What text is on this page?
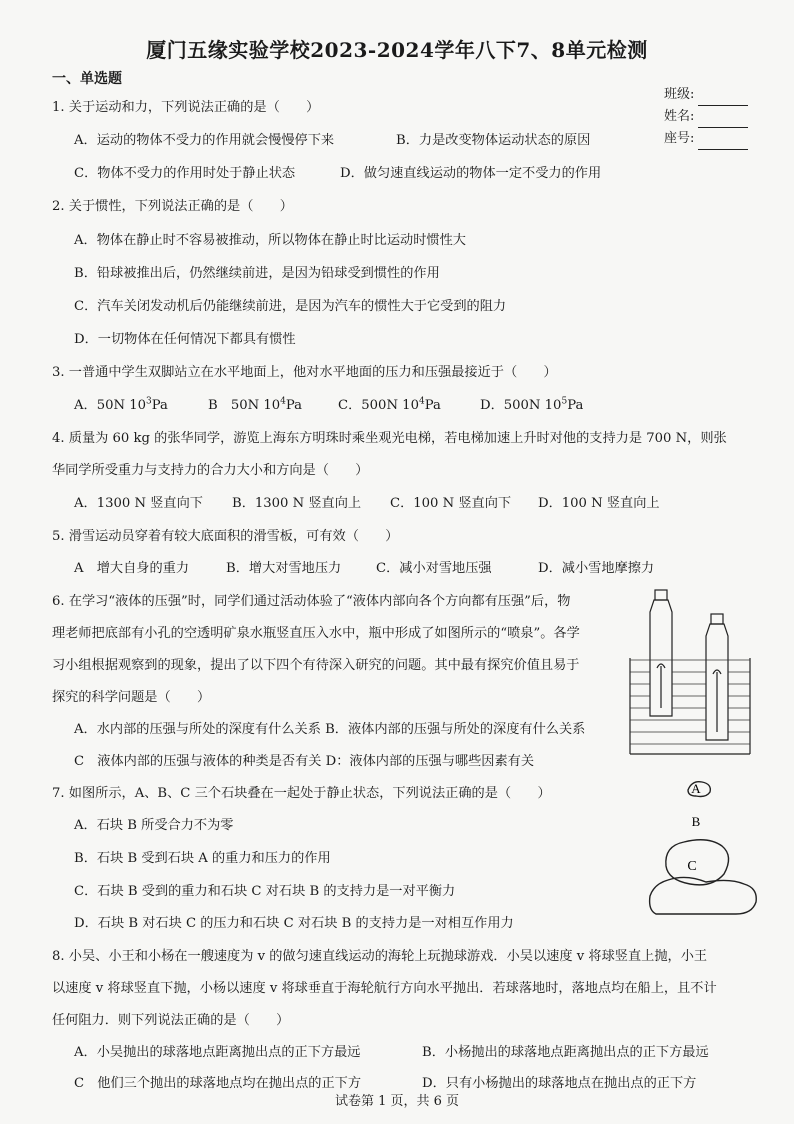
厦门五缘实验学校2023-2024学年八下7、8单元检测
一、单选题
班级:
姓名:
座号:
1. 关于运动和力，下列说法正确的是（　　）
A．运动的物体不受力的作用就会慢慢停下来	B．力是改变物体运动状态的原因
C．物体不受力的作用时处于静止状态	D．做匀速直线运动的物体一定不受力的作用
2. 关于惯性，下列说法正确的是（　　）
A．物体在静止时不容易被推动，所以物体在静止时比运动时惯性大
B．铅球被推出后，仍然继续前进，是因为铅球受到惯性的作用
C．汽车关闭发动机后仍能继续前进，是因为汽车的惯性大于它受到的阻力
D．一切物体在任何情况下都具有惯性
3. 一普通中学生双脚站立在水平地面上，他对水平地面的压力和压强最接近于（　　）
A．50N $10^3Pa$	B　50N $10^4Pa$	C．500N $10^4Pa$	D．500N $10^5Pa$
4. 质量为 60 kg 的张华同学，游览上海东方明珠时乘坐观光电梯，若电梯加速上升时对他的支持力是 700 N，则张
华同学所受重力与支持力的合力大小和方向是（　　）
A．1300 N 竖直向下 B．1300 N 竖直向上 C．100 N 竖直向下 D．100 N 竖直向上
5. 滑雪运动员穿着有较大底面积的滑雪板，可有效（　　）
A　增大自身的重力	B．增大对雪地压力	C．减小对雪地压强	D．减小雪地摩擦力
6. 在学习“液体的压强”时，同学们通过活动体验了“液体内部向各个方向都有压强”后，物
理老师把底部有小孔的空透明矿泉水瓶竖直压入水中，瓶中形成了如图所示的“喷泉”。各学
习小组根据观察到的现象，提出了以下四个有待深入研究的问题。其中最有探究价值且易于
探究的科学问题是（　　）
A．水内部的压强与所处的深度有什么关系 B．液体内部的压强与所处的深度有什么关系
C　液体内部的压强与液体的种类是否有关 D：液体内部的压强与哪些因素有关
7. 如图所示，A、B、C 三个石块叠在一起处于静止状态，下列说法正确的是（　　）
A．石块 B 所受合力不为零
B．石块 B 受到石块 A 的重力和压力的作用
C．石块 B 受到的重力和石块 C 对石块 B 的支持力是一对平衡力
D．石块 B 对石块 C 的压力和石块 C 对石块 B 的支持力是一对相互作用力
A
B
C
8. 小吴、小王和小杨在一艘速度为 v 的做匀速直线运动的海轮上玩抛球游戏．小吴以速度 v 将球竖直上抛，小王
以速度 v 将球竖直下抛，小杨以速度 v 将球垂直于海轮航行方向水平抛出．若球落地时，落地点均在船上，且不计
任何阻力．则下列说法正确的是（　　）
A．小吴抛出的球落地点距离抛出点的正下方最远	B．小杨抛出的球落地点距离抛出点的正下方最远
C　他们三个抛出的球落地点均在抛出点的正下方	D．只有小杨抛出的球落地点在抛出点的正下方
试卷第 1 页，共 6 页
